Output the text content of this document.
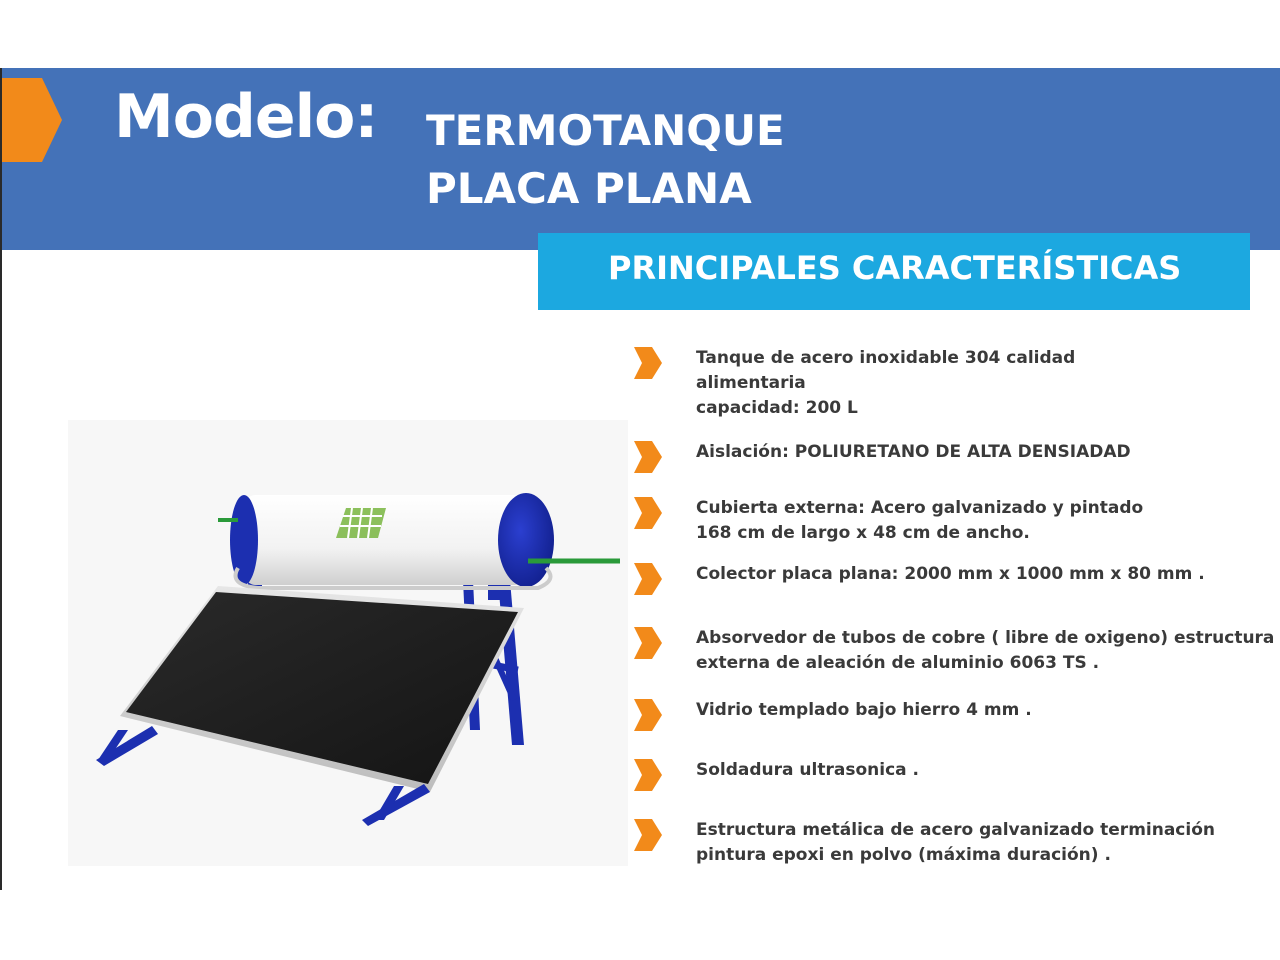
Modelo: TERMOTANQUE
PLACA PLANA
PRINCIPALES CARACTERÍSTICAS
Tanque de acero inoxidable 304 calidad
alimentaria
capacidad: 200 L
Aislación: POLIURETANO DE ALTA DENSIADAD
Cubierta externa: Acero galvanizado y pintado
168 cm de largo x 48 cm de ancho.
Colector placa plana: 2000 mm x 1000 mm x 80 mm .
Absorvedor de tubos de cobre ( libre de oxigeno) estructura
externa de aleación de aluminio 6063 TS .
Vidrio templado bajo hierro 4 mm .
Soldadura ultrasonica .
Estructura metálica de acero galvanizado terminación
pintura epoxi en polvo (máxima duración) .
